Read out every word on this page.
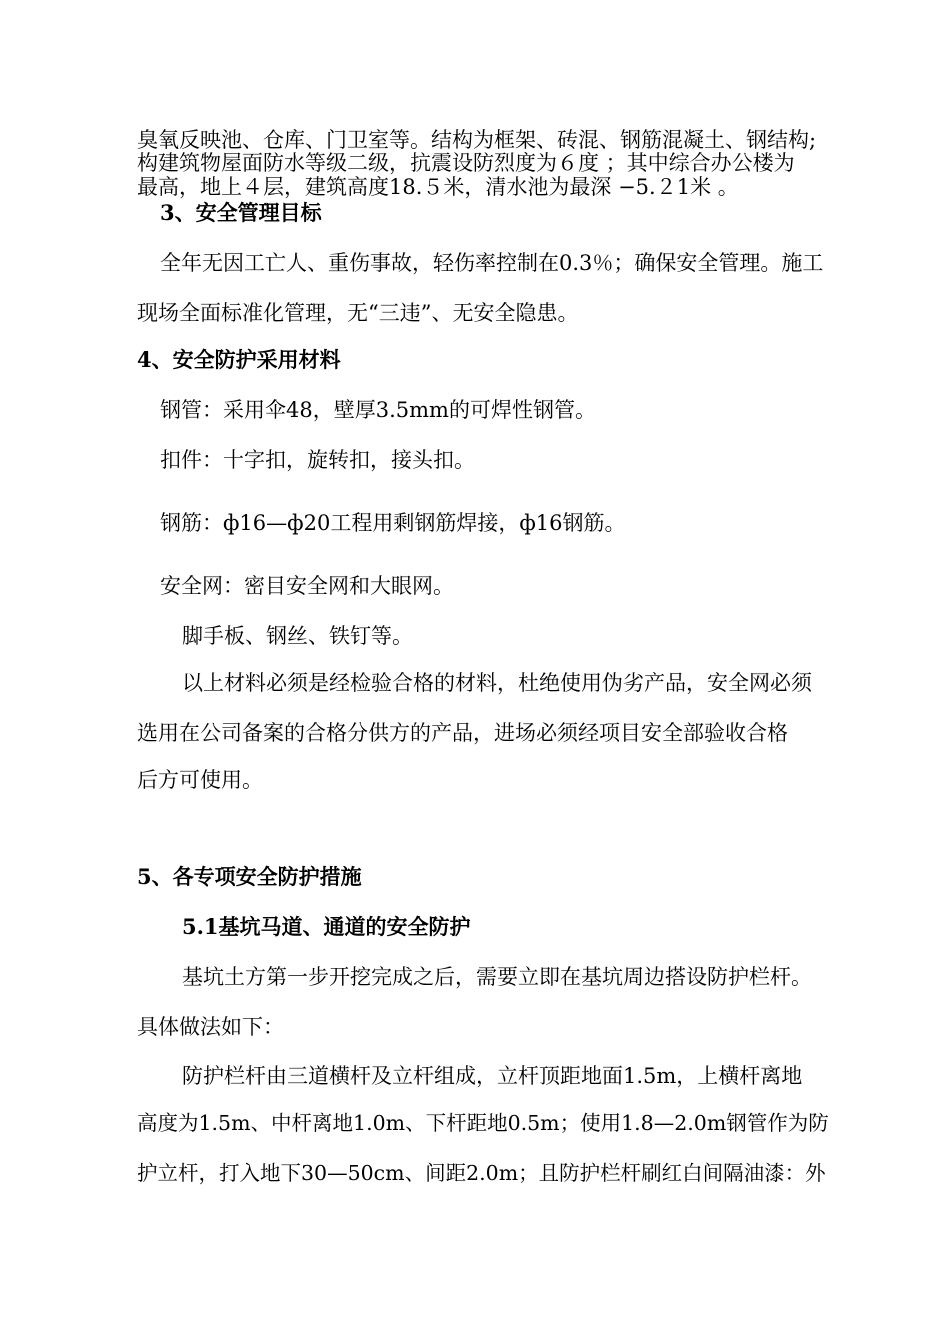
臭氧反映池、仓库、门卫室等。结构为框架、砖混、钢筋混凝土、钢结构;
构建筑物屋面防水等级二级，抗震设防烈度为６度 ；其中综合办公楼为
最高，地上４层，建筑高度18.５米，清水池为最深 −5.２1米 。
3、安全管理目标
全年无因工亡人、重伤事故，轻伤率控制在0.3％；确保安全管理。施工
现场全面标准化管理，无“三违”、无安全隐患。
4、安全防护采用材料
钢管：采用伞48，壁厚3.5mm的可焊性钢管。
扣件：十字扣，旋转扣，接头扣。
钢筋：ф16—ф20工程用剩钢筋焊接，ф16钢筋。
安全网：密目安全网和大眼网。
脚手板、钢丝、铁钉等。
以上材料必须是经检验合格的材料，杜绝使用伪劣产品，安全网必须
选用在公司备案的合格分供方的产品，进场必须经项目安全部验收合格
后方可使用。
5、各专项安全防护措施
5.1基坑马道、通道的安全防护
基坑土方第一步开挖完成之后，需要立即在基坑周边搭设防护栏杆。
具体做法如下：
防护栏杆由三道横杆及立杆组成，立杆顶距地面1.5m，上横杆离地
高度为1.5m、中杆离地1.0m、下杆距地0.5m；使用1.8—2.0m钢管作为防
护立杆，打入地下30—50cm、间距2.0m；且防护栏杆刷红白间隔油漆：外
